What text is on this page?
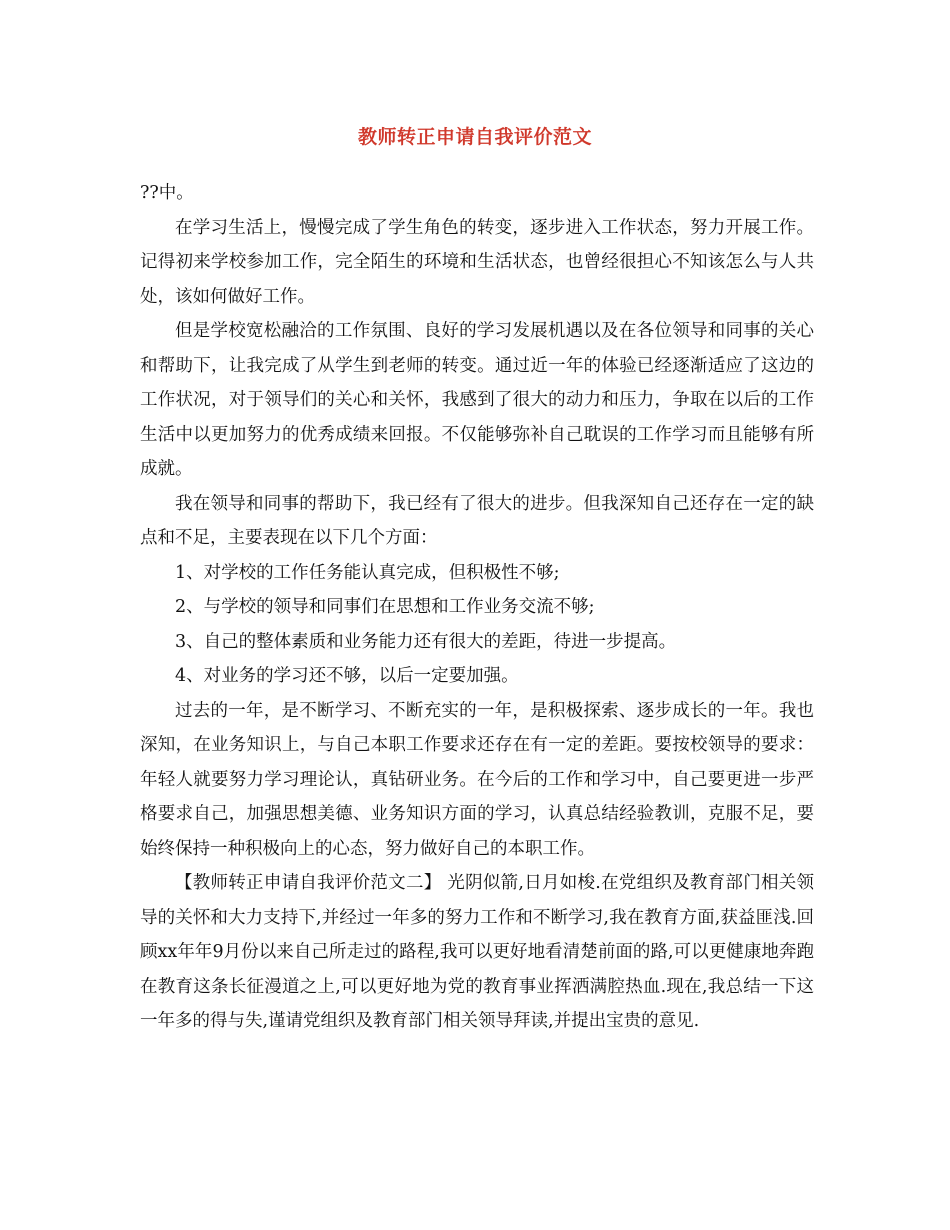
教师转正申请自我评价范文

??中。

在学习生活上，慢慢完成了学生角色的转变，逐步进入工作状态，努力开展工作。 记得初来学校参加工作，完全陌生的环境和生活状态，也曾经很担心不知该怎么与人共处，该如何做好工作。

但是学校宽松融洽的工作氛围、良好的学习发展机遇以及在各位领导和同事的关心和帮助下，让我完成了从学生到老师的转变。通过近一年的体验已经逐渐适应了这边的工作状况，对于领导们的关心和关怀，我感到了很大的动力和压力，争取在以后的工作生活中以更加努力的优秀成绩来回报。不仅能够弥补自己耽误的工作学习而且能够有所成就。

我在领导和同事的帮助下，我已经有了很大的进步。但我深知自己还存在一定的缺点和不足，主要表现在以下几个方面：

1、对学校的工作任务能认真完成，但积极性不够;

2、与学校的领导和同事们在思想和工作业务交流不够;

3、自己的整体素质和业务能力还有很大的差距，待进一步提高。

4、对业务的学习还不够，以后一定要加强。

过去的一年，是不断学习、不断充实的一年，是积极探索、逐步成长的一年。我也深知，在业务知识上，与自己本职工作要求还存在有一定的差距。要按校领导的要求：年轻人就要努力学习理论认，真钻研业务。在今后的工作和学习中，自己要更进一步严格要求自己，加强思想美德、业务知识方面的学习，认真总结经验教训，克服不足，要始终保持一种积极向上的心态，努力做好自己的本职工作。

【教师转正申请自我评价范文二】 光阴似箭,日月如梭.在党组织及教育部门相关领导的关怀和大力支持下,并经过一年多的努力工作和不断学习,我在教育方面,获益匪浅.回顾xx年年9月份以来自己所走过的路程,我可以更好地看清楚前面的路,可以更健康地奔跑在教育这条长征漫道之上,可以更好地为党的教育事业挥洒满腔热血.现在,我总结一下这一年多的得与失,谨请党组织及教育部门相关领导拜读,并提出宝贵的意见.
